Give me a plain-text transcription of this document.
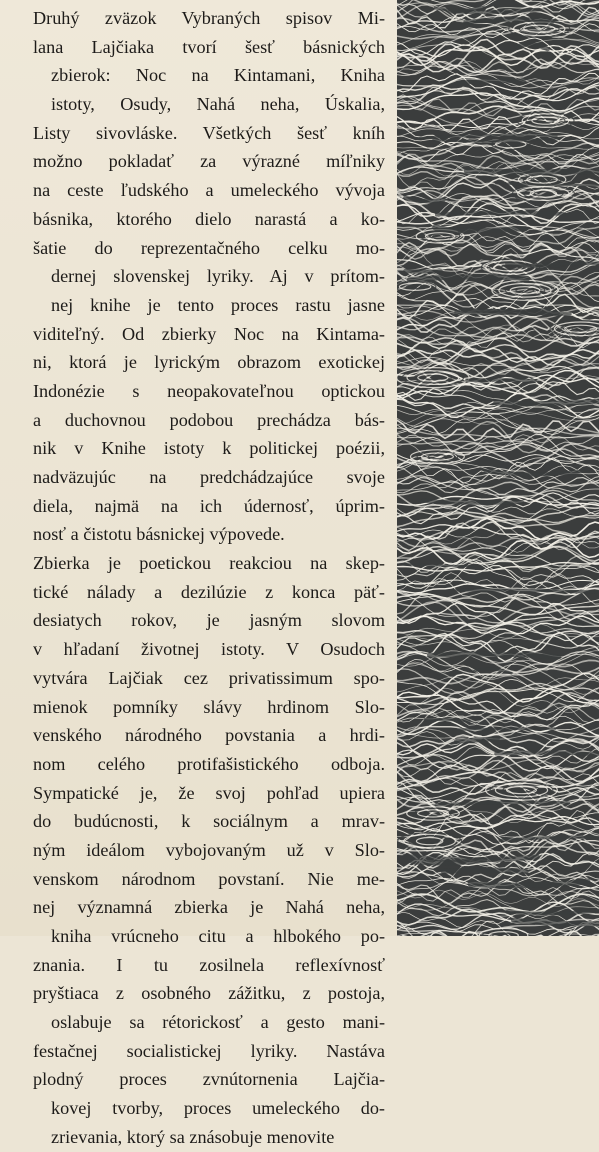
Druhý zväzok Vybraných spisov Mi-
lana Lajčiaka tvorí šesť básnických
zbierok: Noc na Kintamani, Kniha
istoty, Osudy, Nahá neha, Úskalia,
Listy sivovláske. Všetkých šesť kníh
možno pokladať za výrazné míľniky
na ceste ľudského a umeleckého vývoja
básnika, ktorého dielo narastá a ko-
šatie do reprezentačného celku mo-
dernej slovenskej lyriky. Aj v prítom-
nej knihe je tento proces rastu jasne
viditeľný. Od zbierky Noc na Kintama-
ni, ktorá je lyrickým obrazom exotickej
Indonézie s neopakovateľnou optickou
a duchovnou podobou prechádza bás-
nik v Knihe istoty k politickej poézii,
nadväzujúc na predchádzajúce svoje
diela, najmä na ich údernosť, úprim-
nosť a čistotu básnickej výpovede.
Zbierka je poetickou reakciou na skep-
tické nálady a dezilúzie z konca päť-
desiatych rokov, je jasným slovom
v hľadaní životnej istoty. V Osudoch
vytvára Lajčiak cez privatissimum spo-
mienok pomníky slávy hrdinom Slo-
venského národného povstania a hrdi-
nom celého protifašistického odboja.
Sympatické je, že svoj pohľad upiera
do budúcnosti, k sociálnym a mrav-
ným ideálom vybojovaným už v Slo-
venskom národnom povstaní. Nie me-
nej významná zbierka je Nahá neha,
kniha vrúcneho citu a hlbokého po-
znania. I tu zosilnela reflexívnosť
pryštiaca z osobného zážitku, z postoja,
oslabuje sa rétorickosť a gesto mani-
festačnej socialistickej lyriky. Nastáva
plodný proces zvnútornenia Lajčia-
kovej tvorby, proces umeleckého do-
zrievania, ktorý sa znásobuje menovite
